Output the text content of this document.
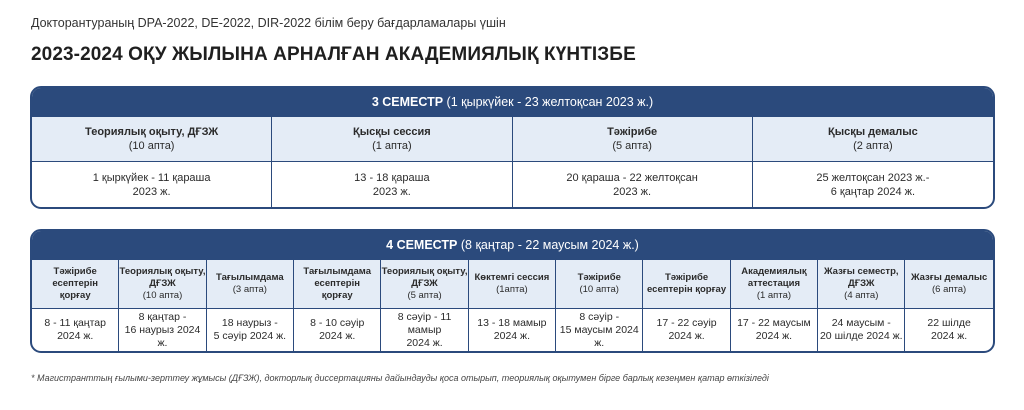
Докторантураның DPA-2022, DE-2022, DIR-2022 білім беру бағдарламалары үшін
2023-2024 ОҚУ ЖЫЛЫНА АРНАЛҒАН АКАДЕМИЯЛЫҚ КҮНТІЗБЕ
3 СЕМЕСТР (1 қыркүйек - 23 желтоқсан 2023 ж.)
Теориялық оқыту, ДҒЗЖ
(10 апта)
Қысқы сессия
(1 апта)
Тәжірибе
(5 апта)
Қысқы демалыс
(2 апта)
1 қыркүйек - 11 қараша
2023 ж.
13 - 18 қараша
2023 ж.
20 қараша - 22 желтоқсан
2023 ж.
25 желтоқсан 2023 ж.-
6 қаңтар 2024 ж.
4 СЕМЕСТР (8 қаңтар - 22 маусым 2024 ж.)
Тәжірибе
есептерін
қорғау
Теориялық оқыту,
ДҒЗЖ
(10 апта)
Тағылымдама
(3 апта)
Тағылымдама
есептерін
қорғау
Теориялық оқыту,
ДҒЗЖ
(5 апта)
Көктемгі сессия
(1апта)
Тәжірибе
(10 апта)
Тәжірибе
есептерін қорғау
Академиялық
аттестация
(1 апта)
Жазғы семестр,
ДҒЗЖ
(4 апта)
Жазғы демалыс
(6 апта)
8 - 11 қаңтар
2024 ж.
8 қаңтар -
16 наурыз 2024 ж.
18 наурыз -
5 сәуір 2024 ж.
8 - 10 сәуір
2024 ж.
8 сәуір - 11 мамыр
2024 ж.
13 - 18 мамыр
2024 ж.
8 сәуір -
15 маусым 2024 ж.
17 - 22 сәуір
2024 ж.
17 - 22 маусым
2024 ж.
24 маусым -
20 шілде 2024 ж.
22 шілде
2024 ж.
* Магистранттың ғылыми-зерттеу жұмысы (ДҒЗЖ), докторлық диссертацияны дайындауды қоса отырып, теориялық оқытумен бірге барлық кезеңмен қатар өткізіледі
